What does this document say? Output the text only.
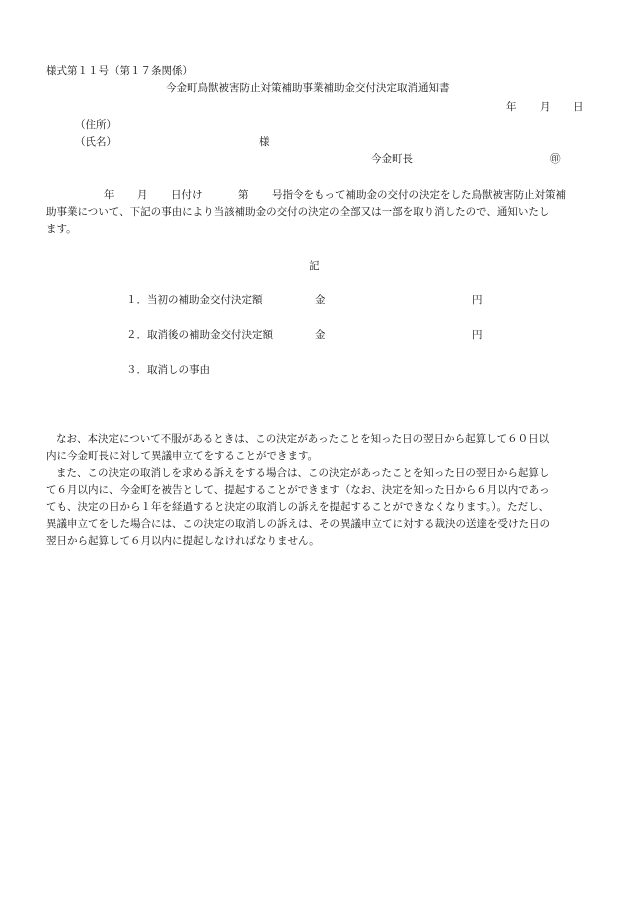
様式第１１号（第１７条関係）
今金町鳥獣被害防止対策補助事業補助金交付決定取消通知書
年 月 日
（住所）
（氏名）	様
今金町長	㊞
年 月 日付け	第 号指令をもって補助金の交付の決定をした鳥獣被害防止対策補
助事業について、下記の事由により当該補助金の交付の決定の全部又は一部を取り消したので、通知いたし
ます。
記
１．当初の補助金交付決定額	金	円
２．取消後の補助金交付決定額	金	円
３．取消しの事由
なお、本決定について不服があるときは、この決定があったことを知った日の翌日から起算して６０日以
内に今金町長に対して異議申立てをすることができます。
また、この決定の取消しを求める訴えをする場合は、この決定があったことを知った日の翌日から起算し
て６月以内に、今金町を被告として、提起することができます（なお、決定を知った日から６月以内であっ
ても、決定の日から１年を経過すると決定の取消しの訴えを提起することができなくなります。）。ただし、
異議申立てをした場合には、この決定の取消しの訴えは、その異議申立てに対する裁決の送達を受けた日の
翌日から起算して６月以内に提起しなければなりません。
